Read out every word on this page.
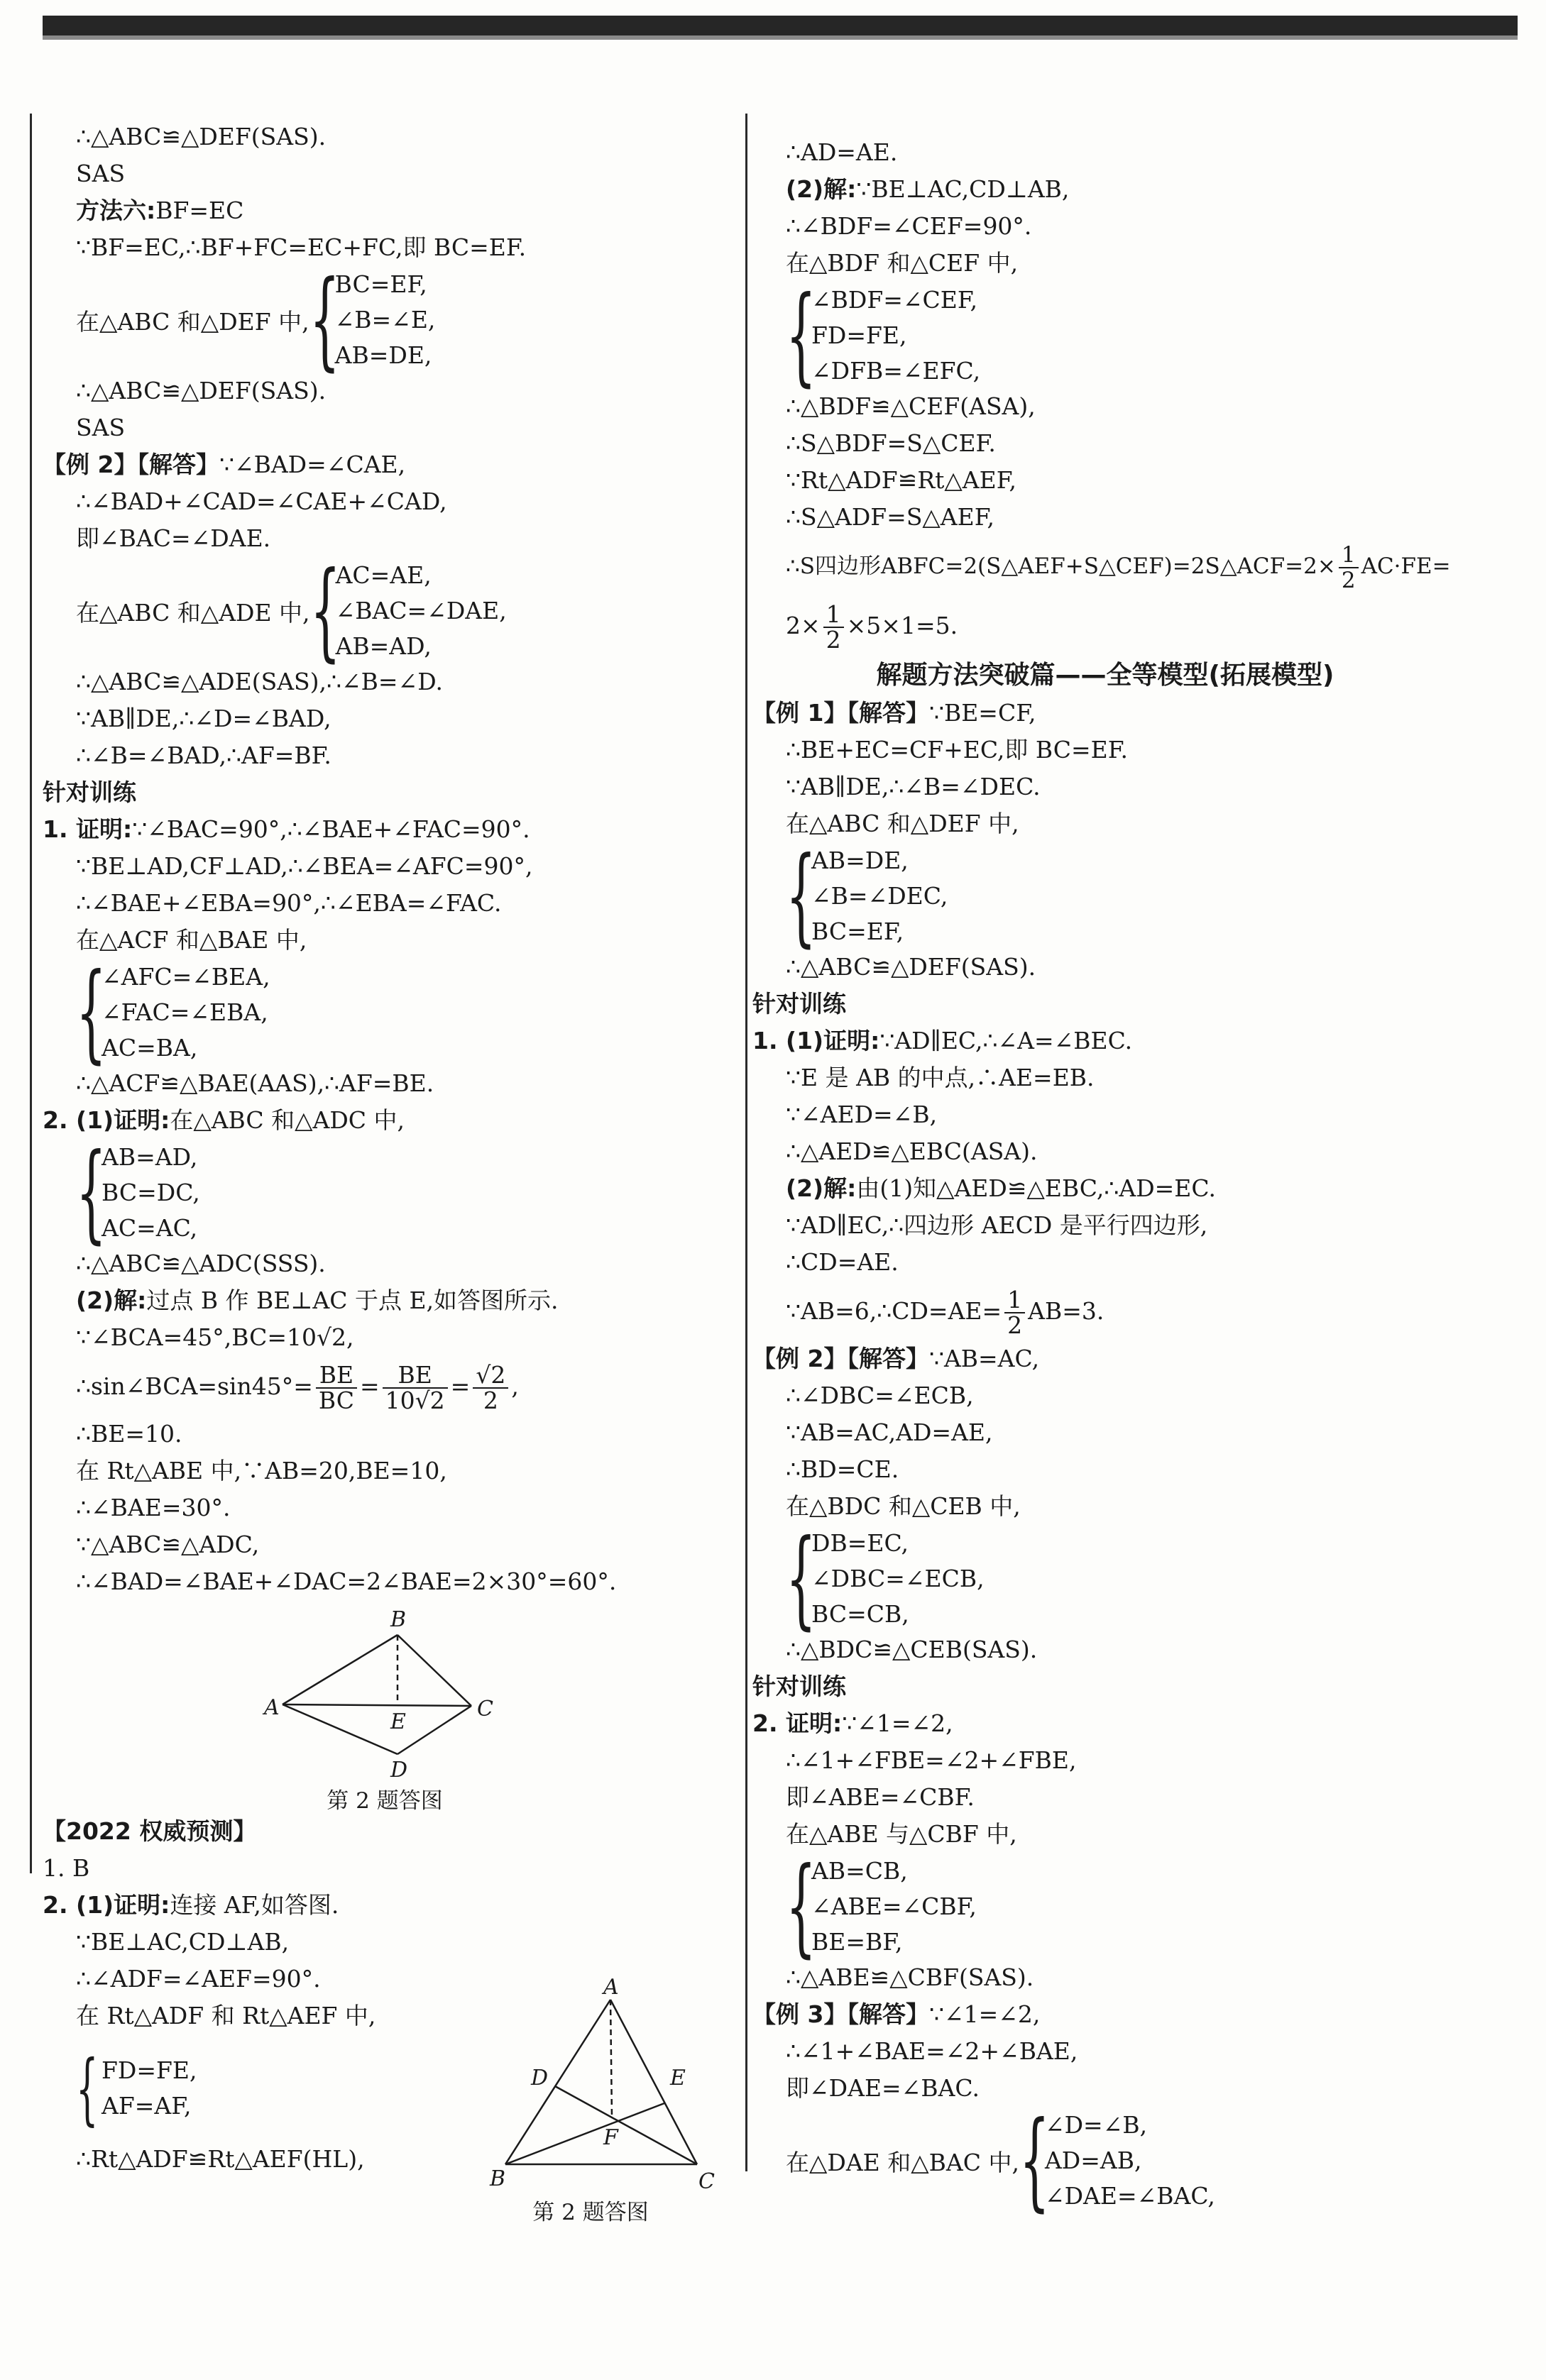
∴△ABC≌△DEF(SAS).
SAS
方法六:BF=EC
∵BF=EC,∴BF+FC=EC+FC,即 BC=EF.
在△ABC 和△DEF 中, {
BC=EF,
∠B=∠E,
AB=DE,
∴△ABC≌△DEF(SAS).
SAS
【例 2】【解答】∵∠BAD=∠CAE,
∴∠BAD+∠CAD=∠CAE+∠CAD,
即∠BAC=∠DAE.
在△ABC 和△ADE 中, {
AC=AE,
∠BAC=∠DAE,
AB=AD,
∴△ABC≌△ADE(SAS),∴∠B=∠D.
∵AB∥DE,∴∠D=∠BAD,
∴∠B=∠BAD,∴AF=BF.
针对训练
1. 证明:∵∠BAC=90°,∴∠BAE+∠FAC=90°.
∵BE⊥AD,CF⊥AD,∴∠BEA=∠AFC=90°,
∴∠BAE+∠EBA=90°,∴∠EBA=∠FAC.
在△ACF 和△BAE 中,
{
∠AFC=∠BEA,
∠FAC=∠EBA,
AC=BA,
∴△ACF≌△BAE(AAS),∴AF=BE.
2. (1)证明:在△ABC 和△ADC 中,
{
AB=AD,
BC=DC,
AC=AC,
∴△ABC≌△ADC(SSS).
(2)解:过点 B 作 BE⊥AC 于点 E,如答图所示.
∵∠BCA=45°,BC=10√2,
∴sin∠BCA=sin45°= $\frac{BE}{BC} = \frac{BE}{10√2} = \frac{√2}{2}$ ,
∴BE=10.
在 Rt△ABE 中,∵AB=20,BE=10,
∴∠BAE=30°.
∵△ABC≌△ADC,
∴∠BAD=∠BAE+∠DAC=2∠BAE=2×30°=60°.
A
B
C
D
E
第 2 题答图
【2022 权威预测】
1. B
2. (1)证明:连接 AF,如答图.
∵BE⊥AC,CD⊥AB,
∴∠ADF=∠AEF=90°.
在 Rt△ADF 和 Rt△AEF 中,
{ FD=FE,
AF=AF,
∴Rt△ADF≌Rt△AEF(HL),
A
B	C
D	E
F
第 2 题答图
∴AD=AE.
(2)解:∵BE⊥AC,CD⊥AB,
∴∠BDF=∠CEF=90°.
在△BDF 和△CEF 中,
{
∠BDF=∠CEF,
FD=FE,
∠DFB=∠EFC,
∴△BDF≌△CEF(ASA),
∴S△BDF=S△CEF.
∵Rt△ADF≌Rt△AEF,
∴S△ADF=S△AEF,
∴S四边形ABFC=2(S△AEF+S△CEF)=2S△ACF=2× $\frac{1}{2} AC\cdot FE=$
$2\times \frac{1}{2} \times 5\times 1=5$.
解题方法突破篇——全等模型(拓展模型)
【例 1】【解答】∵BE=CF,
∴BE+EC=CF+EC,即 BC=EF.
∵AB∥DE,∴∠B=∠DEC.
在△ABC 和△DEF 中,
{
AB=DE,
∠B=∠DEC,
BC=EF,
∴△ABC≌△DEF(SAS).
针对训练
1. (1)证明:∵AD∥EC,∴∠A=∠BEC.
∵E 是 AB 的中点,∴AE=EB.
∵∠AED=∠B,
∴△AED≌△EBC(ASA).
(2)解:由(1)知△AED≌△EBC,∴AD=EC.
∵AD∥EC,∴四边形 AECD 是平行四边形,
∴CD=AE.
∵AB=6,∴CD=AE= $\frac{1}{2} AB=3$.
【例 2】【解答】∵AB=AC,
∴∠DBC=∠ECB,
∵AB=AC,AD=AE,
∴BD=CE.
在△BDC 和△CEB 中,
{
DB=EC,
∠DBC=∠ECB,
BC=CB,
∴△BDC≌△CEB(SAS).
针对训练
2. 证明:∵∠1=∠2,
∴∠1+∠FBE=∠2+∠FBE,
即∠ABE=∠CBF.
在△ABE 与△CBF 中,
{
AB=CB,
∠ABE=∠CBF,
BE=BF,
∴△ABE≌△CBF(SAS).
【例 3】【解答】∵∠1=∠2,
∴∠1+∠BAE=∠2+∠BAE,
即∠DAE=∠BAC.
在△DAE 和△BAC 中, {
∠D=∠B,
AD=AB,
∠DAE=∠BAC,
